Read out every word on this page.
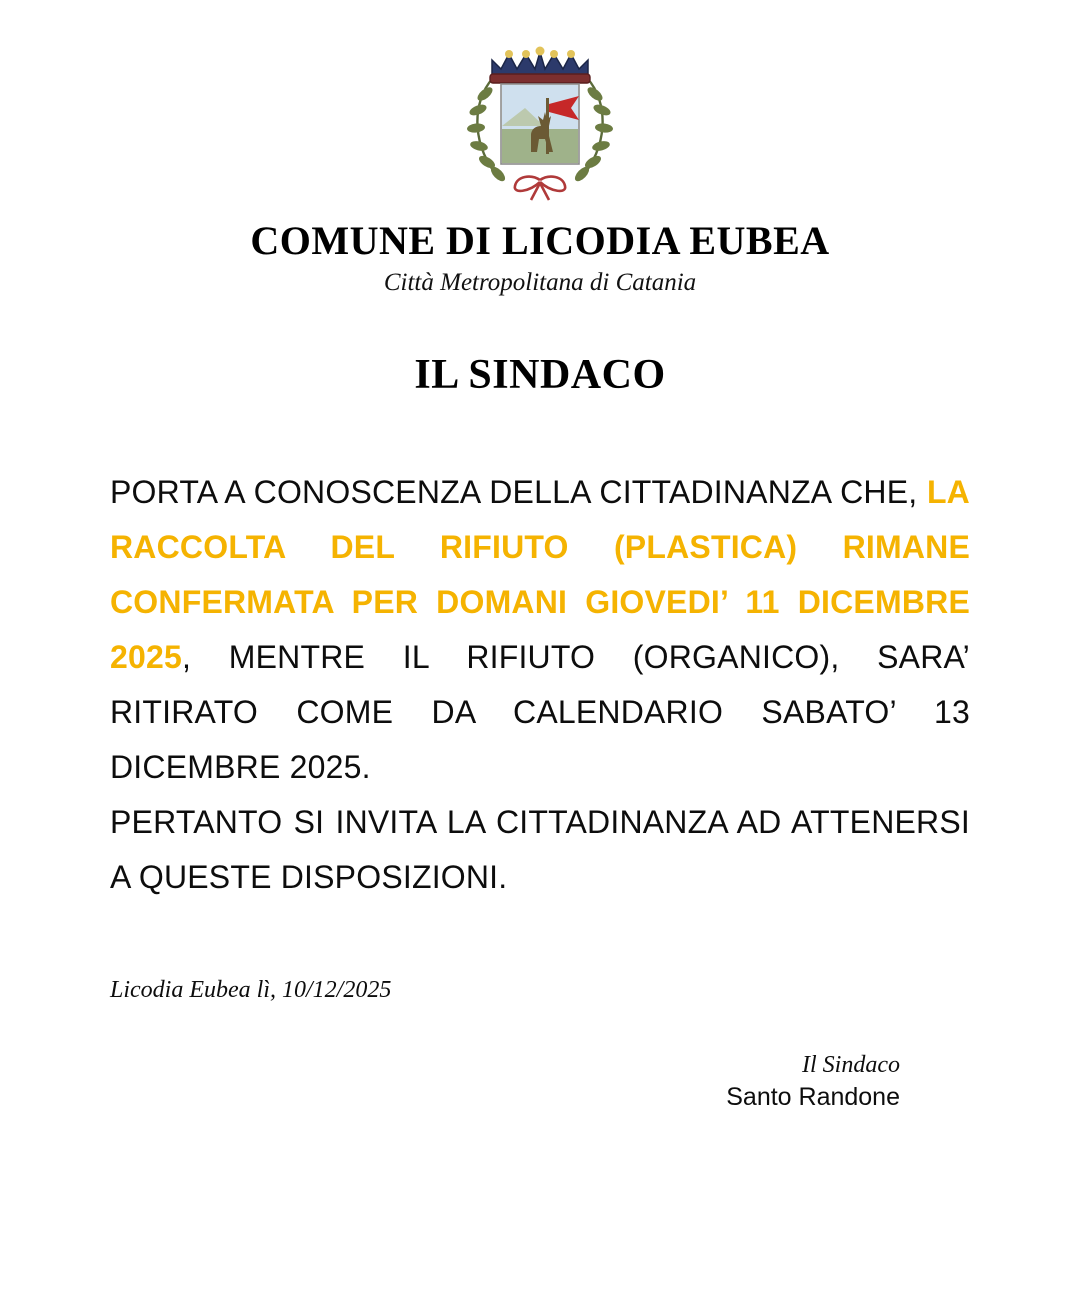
COMUNE DI LICODIA EUBEA
Città Metropolitana di Catania
IL SINDACO

PORTA A CONOSCENZA DELLA CITTADINANZA CHE, LA RACCOLTA DEL RIFIUTO (PLASTICA) RIMANE CONFERMATA PER DOMANI GIOVEDI’ 11 DICEMBRE 2025, MENTRE IL RIFIUTO (ORGANICO), SARA’ RITIRATO COME DA CALENDARIO SABATO’ 13 DICEMBRE 2025.

PERTANTO SI INVITA LA CITTADINANZA AD ATTENERSI A QUESTE DISPOSIZIONI.

Licodia Eubea lì, 10/12/2025
Il Sindaco
Santo Randone
